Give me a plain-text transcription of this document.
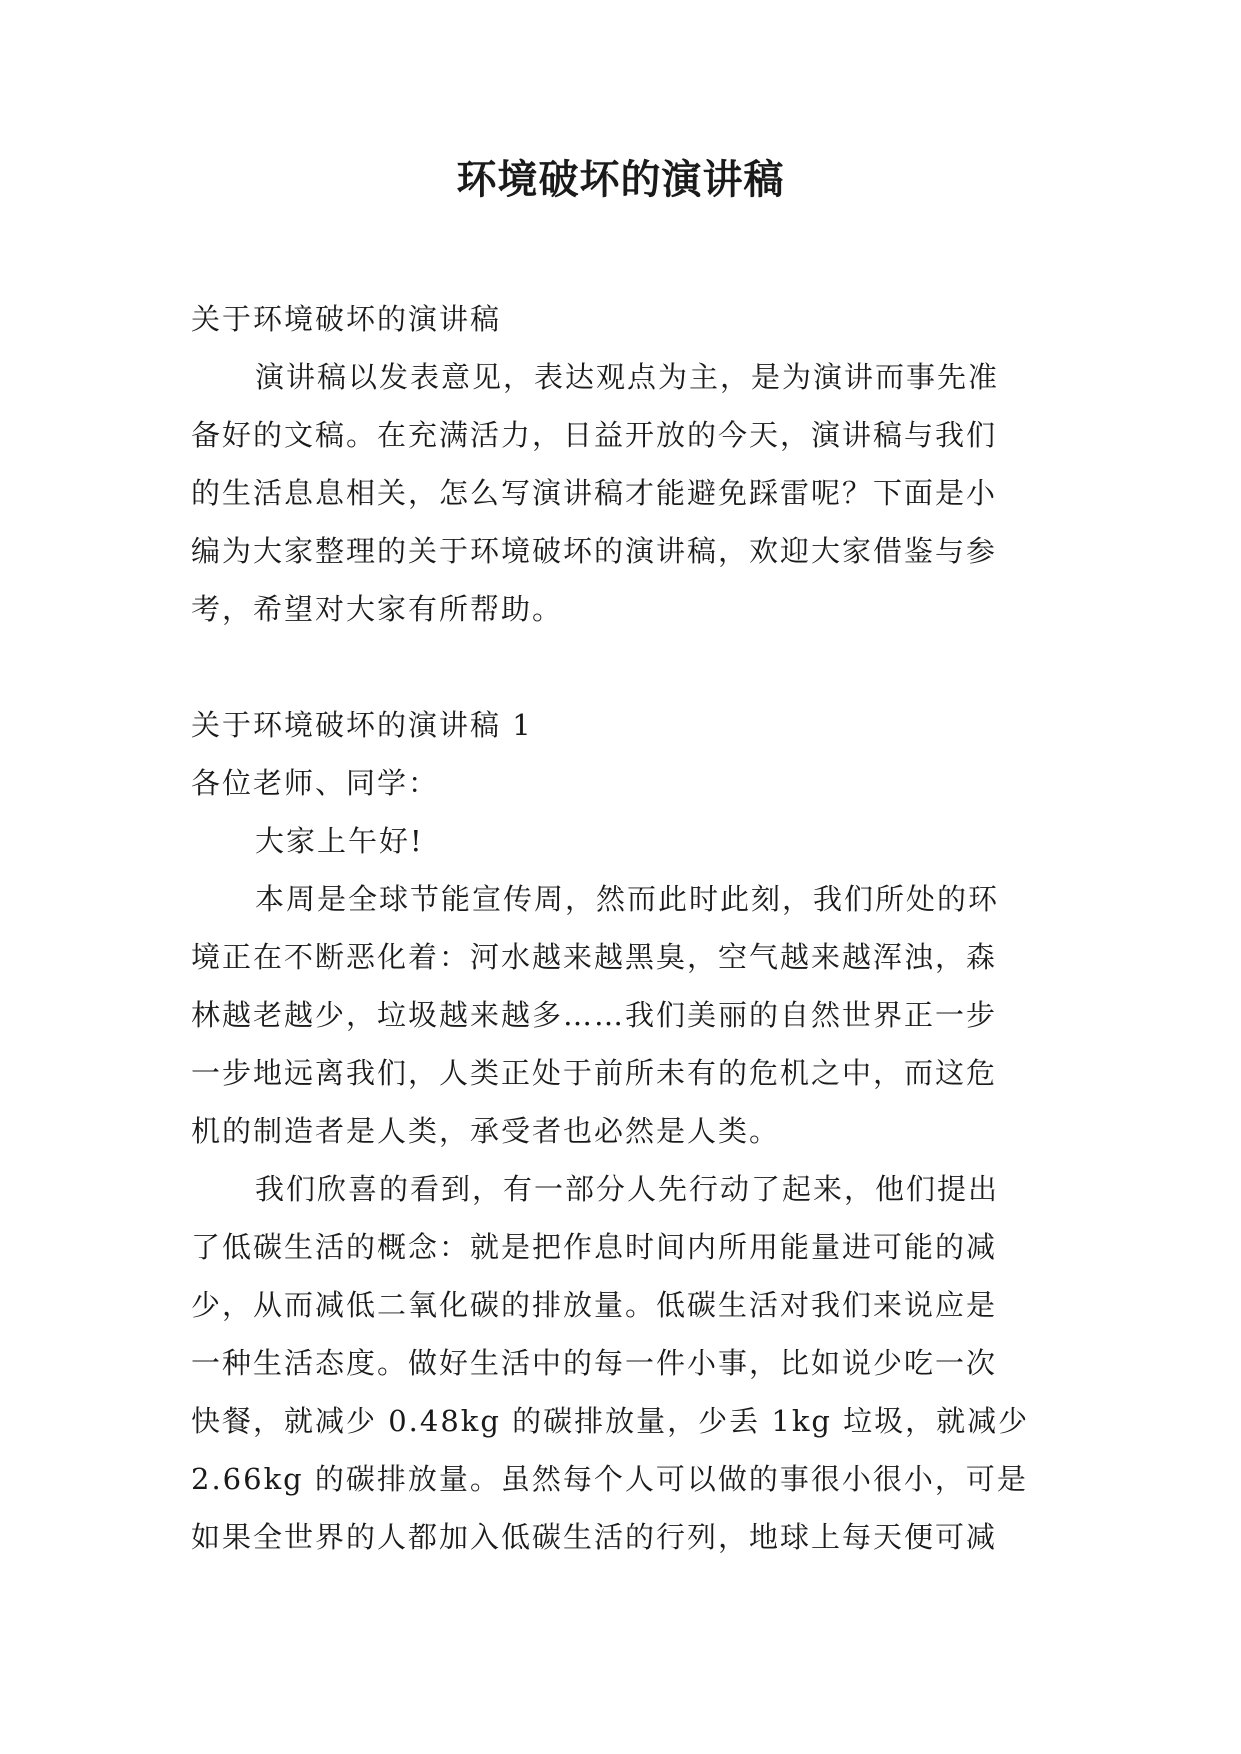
环境破坏的演讲稿
关于环境破坏的演讲稿
演讲稿以发表意见，表达观点为主，是为演讲而事先准
备好的文稿。在充满活力，日益开放的今天，演讲稿与我们
的生活息息相关，怎么写演讲稿才能避免踩雷呢？下面是小
编为大家整理的关于环境破坏的演讲稿，欢迎大家借鉴与参
考，希望对大家有所帮助。
关于环境破坏的演讲稿 1
各位老师、同学：
大家上午好!
本周是全球节能宣传周，然而此时此刻，我们所处的环
境正在不断恶化着：河水越来越黑臭，空气越来越浑浊，森
林越老越少，垃圾越来越多……我们美丽的自然世界正一步
一步地远离我们，人类正处于前所未有的危机之中，而这危
机的制造者是人类，承受者也必然是人类。
我们欣喜的看到，有一部分人先行动了起来，他们提出
了低碳生活的概念：就是把作息时间内所用能量进可能的减
少，从而减低二氧化碳的排放量。低碳生活对我们来说应是
一种生活态度。做好生活中的每一件小事，比如说少吃一次
快餐，就减少 0.48kg 的碳排放量，少丢 1kg 垃圾，就减少
2.66kg 的碳排放量。虽然每个人可以做的事很小很小，可是
如果全世界的人都加入低碳生活的行列，地球上每天便可减
